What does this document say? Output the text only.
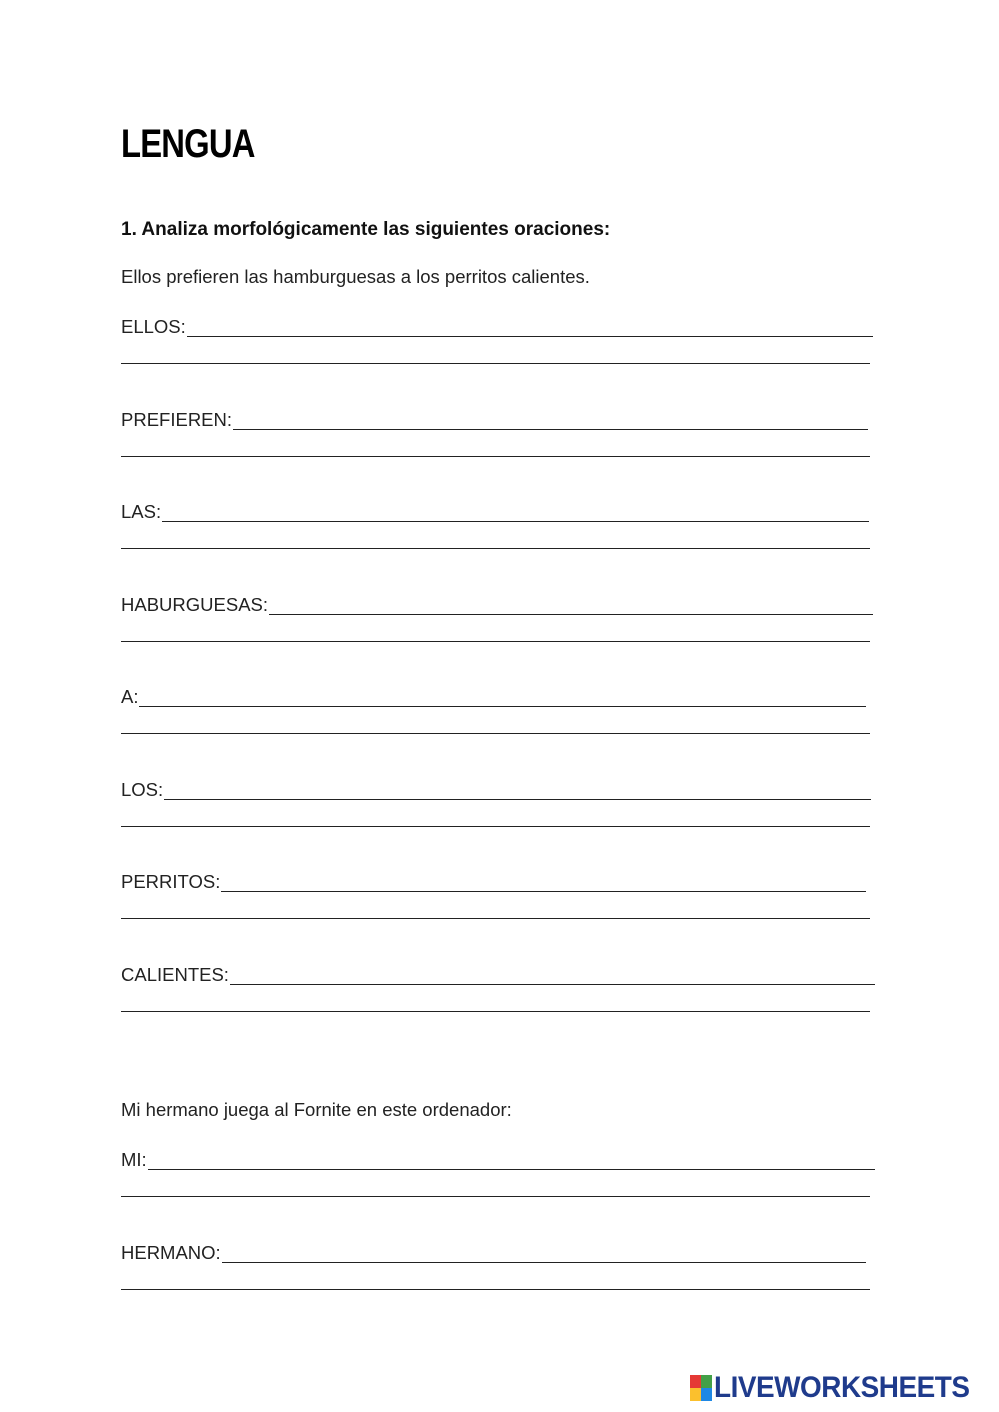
LENGUA
1. Analiza morfológicamente las siguientes oraciones:
Ellos prefieren las hamburguesas a los perritos calientes.
ELLOS:
PREFIEREN:
LAS:
HABURGUESAS:
A:
LOS:
PERRITOS:
CALIENTES:
Mi hermano juega al Fornite en este ordenador:
MI:
HERMANO:
LIVEWORKSHEETS
